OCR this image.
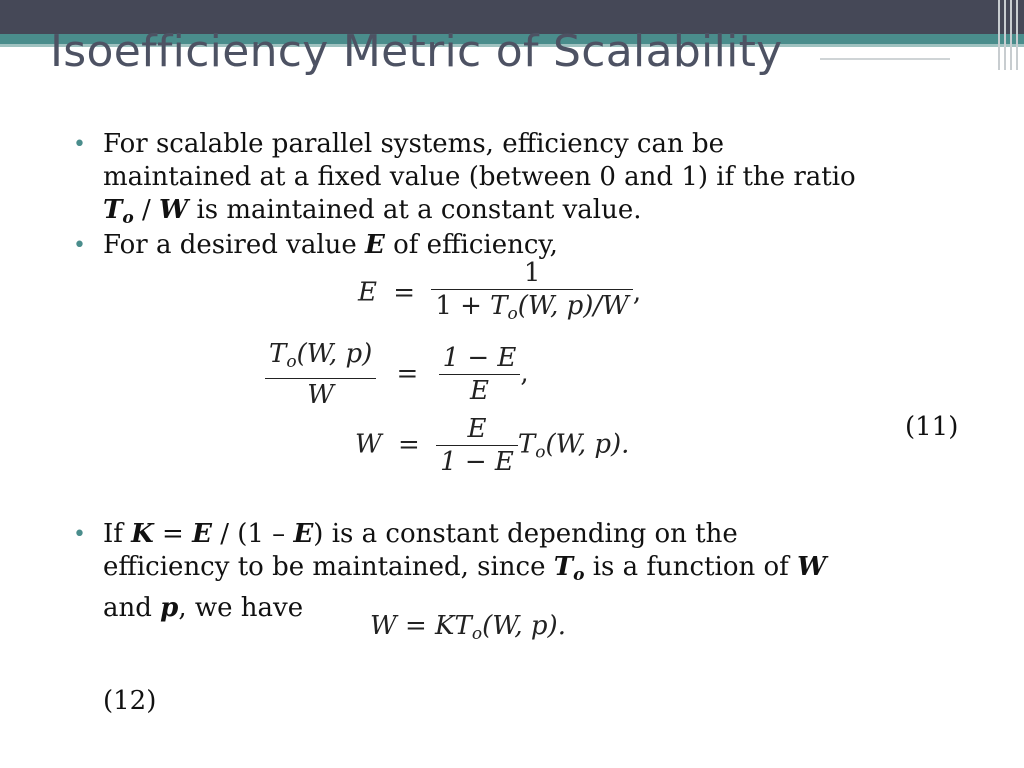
Isoefficiency Metric of Scalability
• For scalable parallel systems, efficiency can be
maintained at a fixed value (between 0 and 1) if the ratio
$T_o$ / W is maintained at a constant value.
• For a desired value E of efficiency,
$E = \frac{1}{1 + To(W, p)/W}$ ,
$\frac{To(W, p)}{W} = \frac{1 - E}{E}$ ,
$W = \frac{E}{1 - E} To(W$, p).
(11)
• If K = E / (1 – E) is a constant depending on the
efficiency to be maintained, since $T_o$ is a function of W
and p, we have
W = KTo(W, p).
(12)
